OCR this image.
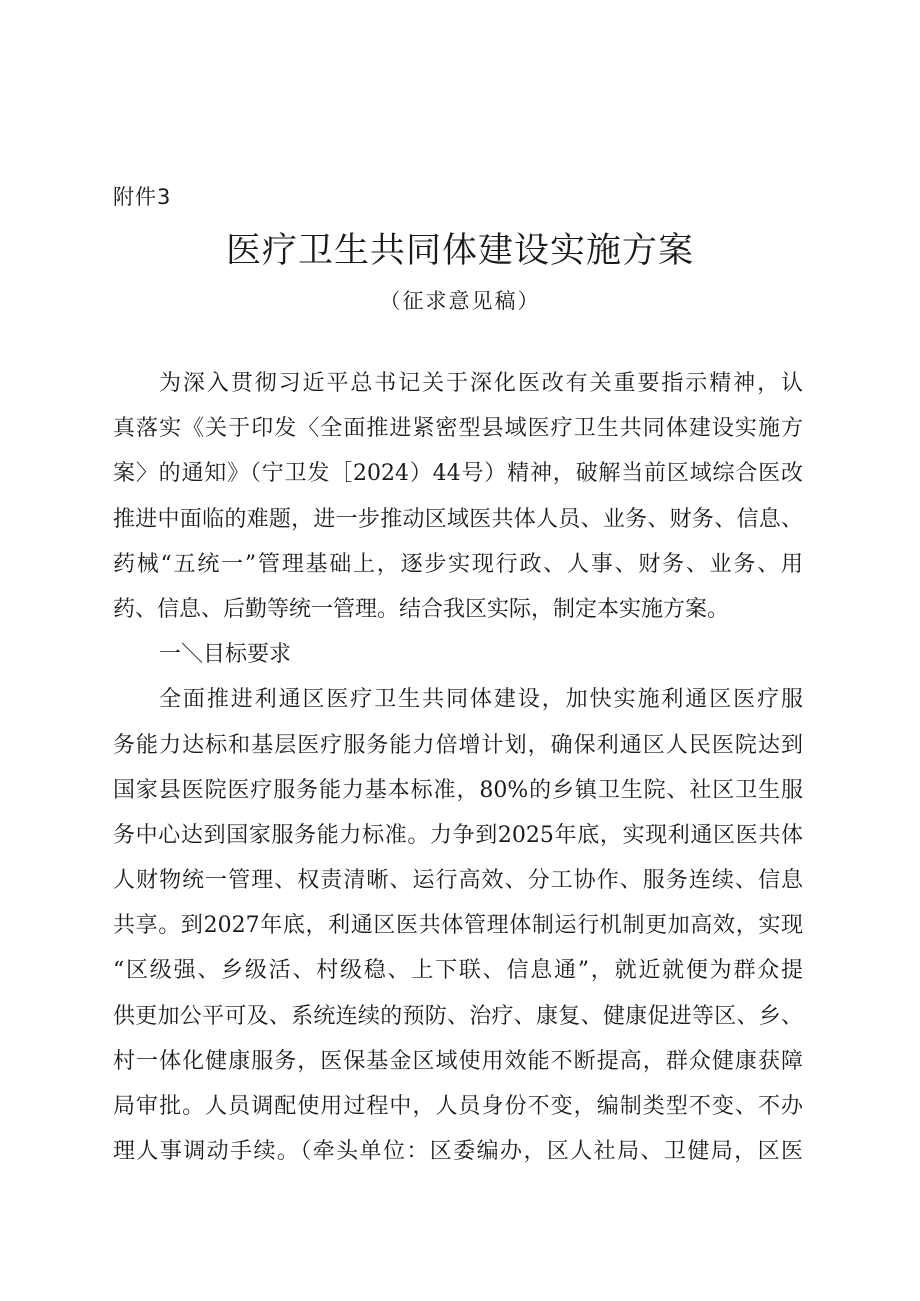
附件3
医疗卫生共同体建设实施方案
（征求意见稿）
为深入贯彻习近平总书记关于深化医改有关重要指示精神，认
真落实《关于印发〈全面推进紧密型县域医疗卫生共同体建设实施方
案〉的通知》（宁卫发［2024）44号）精神，破解当前区域综合医改
推进中面临的难题，进一步推动区域医共体人员、业务、财务、信息、
药械“五统一”管理基础上，逐步实现行政、人事、财务、业务、用
药、信息、后勤等统一管理。结合我区实际，制定本实施方案。
一＼目标要求
全面推进利通区医疗卫生共同体建设，加快实施利通区医疗服
务能力达标和基层医疗服务能力倍增计划，确保利通区人民医院达到
国家县医院医疗服务能力基本标准，80%的乡镇卫生院、社区卫生服
务中心达到国家服务能力标准。力争到2025年底，实现利通区医共体
人财物统一管理、权责清晰、运行高效、分工协作、服务连续、信息
共享。到2027年底，利通区医共体管理体制运行机制更加高效，实现
“区级强、乡级活、村级稳、上下联、信息通”，就近就便为群众提
供更加公平可及、系统连续的预防、治疗、康复、健康促进等区、乡、
村一体化健康服务，医保基金区域使用效能不断提高，群众健康获障
局审批。人员调配使用过程中，人员身份不变，编制类型不变、不办
理人事调动手续。（牵头单位：区委编办，区人社局、卫健局，区医
